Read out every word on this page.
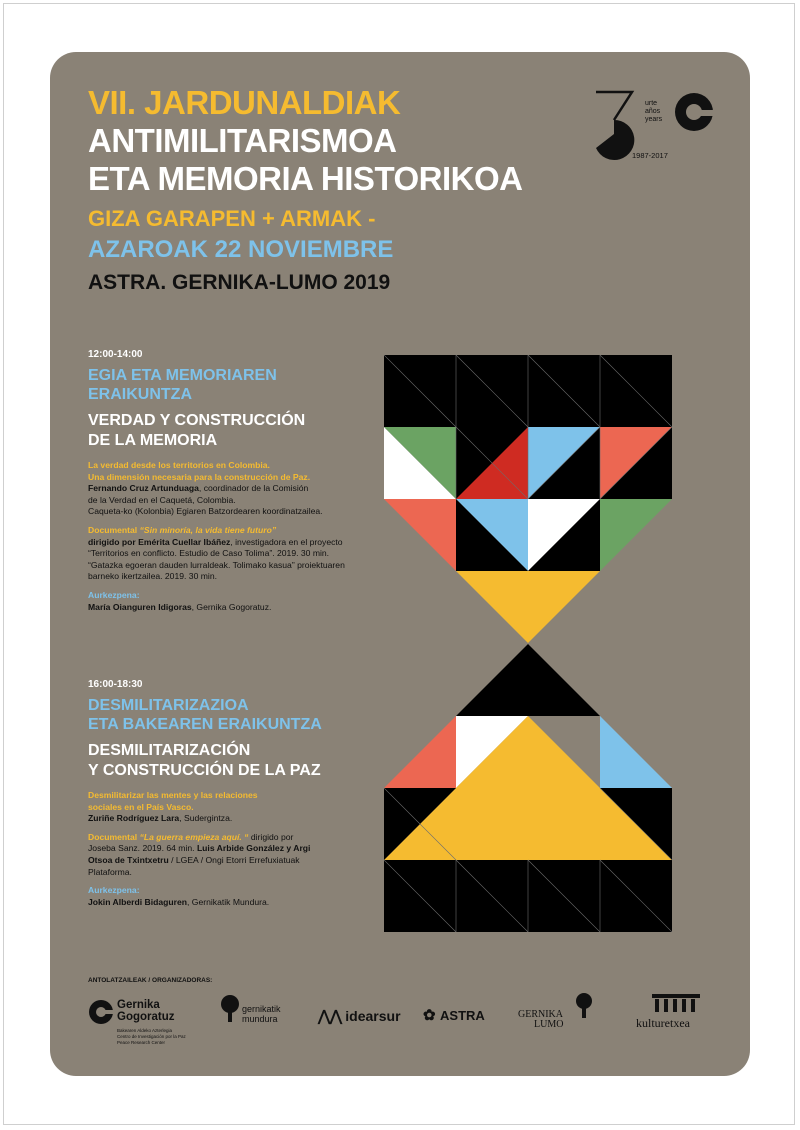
VII. JARDUNALDIAK
ANTIMILITARISMOA
ETA MEMORIA HISTORIKOA
GIZA GARAPEN + ARMAK -
AZAROAK 22 NOVIEMBRE
ASTRA. GERNIKA-LUMO 2019
urte
años
years
1987-2017
12:00-14:00
EGIA ETA MEMORIAREN
ERAIKUNTZA
VERDAD Y CONSTRUCCIÓN
DE LA MEMORIA
La verdad desde los territorios en Colombia.
Una dimensión necesaria para la construcción de Paz.
Fernando Cruz Artunduaga, coordinador de la Comisión
de la Verdad en el Caquetá, Colombia.
Caqueta-ko (Kolonbia) Egiaren Batzordearen koordinatzailea.
Documental “Sin minoría, la vida tiene futuro”
dirigido por Emérita Cuellar Ibáñez, investigadora en el proyecto
“Territorios en conflicto. Estudio de Caso Tolima”. 2019. 30 min.
“Gatazka egoeran dauden lurraldeak. Tolimako kasua” proiektuaren
barneko ikertzailea. 2019. 30 min.
Aurkezpena:
María Oianguren Idigoras, Gernika Gogoratuz.
16:00-18:30
DESMILITARIZAZIOA
ETA BAKEAREN ERAIKUNTZA
DESMILITARIZACIÓN
Y CONSTRUCCIÓN DE LA PAZ
Desmilitarizar las mentes y las relaciones
sociales en el País Vasco.
Zuriñe Rodríguez Lara, Sudergintza.
Documental “La guerra empieza aquí. “ dirigido por
Joseba Sanz. 2019. 64 min. Luis Arbide González y Argi
Otsoa de Txintxetru / LGEA / Ongi Etorri Errefuxiatuak
Plataforma.
Aurkezpena:
Jokin Alberdi Bidaguren, Gernikatik Mundura.
ANTOLATZAILEAK / ORGANIZADORAS:
Gernika
Gogoratuz
Bakearen Aldeko Azterlegia
Centro de Investigación por la Paz
Peace Research Center
gernikatik
mundura	⋀⋀ idearsur	✿ ASTRA	GERNIKA
LUMO	kulturetxea
